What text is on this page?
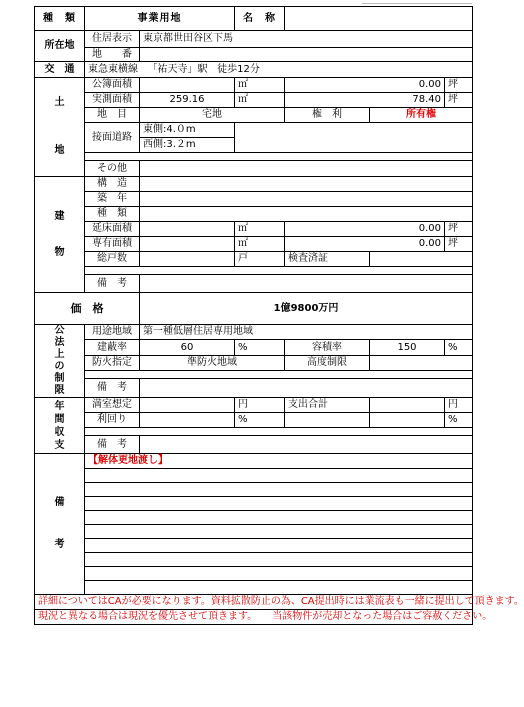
種　類	事業用地		名　称			
所在地	住居表示	東京都世田谷区下馬				
	地　　番					
交　通	東急東横線 「祐天寺」駅 徒歩12分					
土

地	公簿面積		㎡	0.00		坪
	実測面積	259.16	㎡	78.40		坪
	地　目	宅地		権　利	所有権	
	接面道路	東側:4.０m				
		西側:3.２m				

	その他					
建

物	構　造					
	築　年					
	種　類					
	延床面積		㎡	0.00		坪
	専有面積		㎡	0.00		坪
	総戸数		戸	検査済証		

	備　考					
価　格		1億9800万円				
公法上の制限	用途地域	第一種低層住居専用地域				
	建蔽率	60	%	容積率	150	%
	防火指定	準防火地域		高度制限		

	備　考					
年間収支	満室想定		円	支出合計		円
	利回り		%			%

	備　考					
備考	【解体更地渡し】					

詳細についてはCAが必要になります。資料拡散防止の為、CA提出時には業流表も一緒に提出して頂きます。						
現況と異なる場合は現況を優先させて頂きます。　　当該物件が売却となった場合はご容赦ください。						
